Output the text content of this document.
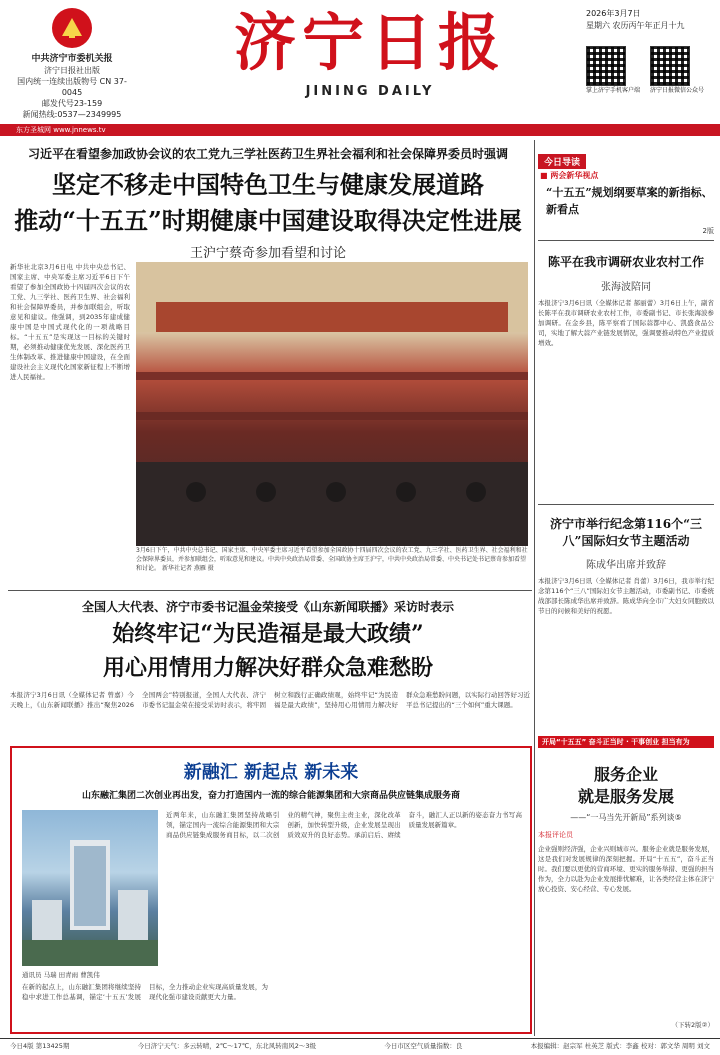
中共济宁市委机关报
济宁日报社出版
国内统一连续出版物号 CN 37-0045
邮发代号23-159
新闻热线:0537—2349995
济宁日报
JINING DAILY
2026年3月7日
星期六 农历丙午年正月十九
掌上济宁手机客户端	济宁日报微信公众号
东方圣城网 www.jnnews.tv
习近平在看望参加政协会议的农工党九三学社医药卫生界社会福利和社会保障界委员时强调
坚定不移走中国特色卫生与健康发展道路
推动“十五五”时期健康中国建设取得决定性进展
王沪宁蔡奇参加看望和讨论
新华社北京3月6日电 中共中央总书记、国家主席、中央军委主席习近平6日下午看望了参加全国政协十四届四次会议的农工党、九三学社、医药卫生界、社会福利和社会保障界委员，并参加联组会，听取意见和建议。他强调，到2035年建成健康中国是中国式现代化的一项战略目标。“十五五”是实现这一目标的关键时期，必须推动健康优先发展、深化医药卫生体制改革、推进健康中国建设，在全面建设社会主义现代化国家新征程上不断增进人民福祉。
3月6日下午，中共中央总书记、国家主席、中央军委主席习近平看望参加全国政协十四届四次会议的农工党、九三学社、医药卫生界、社会福利和社会保障界委员，并参加联组会，听取意见和建议。中共中央政治局常委、全国政协主席王沪宁，中共中央政治局常委、中央书记处书记蔡奇参加看望和讨论。 新华社记者 燕雁 摄
全国人大代表、济宁市委书记温金荣接受《山东新闻联播》采访时表示
始终牢记“为民造福是最大政绩”
用心用情用力解决好群众急难愁盼
本报济宁3月6日讯（全媒体记者 曾嘉）今天晚上，《山东新闻联播》推出“聚焦2026全国两会”特别报道，全国人大代表、济宁市委书记温金荣在接受采访时表示，将牢固树立和践行正确政绩观，始终牢记“为民造福是最大政绩”，坚持用心用情用力解决好群众急难愁盼问题，以实际行动回答好习近平总书记提出的“三个如何”重大课题。
新融汇 新起点 新未来
山东融汇集团二次创业再出发，奋力打造国内一流的综合能源集团和大宗商品供应链集成服务商
通讯员 马瑞 田青雨 曹凯伟
近两年来，山东融汇集团坚持战略引领，锚定国内一流综合能源集团和大宗商品供应链集成服务商目标，以二次创业的精气神，聚焦主责主业，深化改革创新，加快转型升级，企业发展呈现出质效双升的良好态势。承前启后、赓续奋斗，融汇人正以新的姿态奋力书写高质量发展新篇章。
在新的起点上，山东融汇集团将继续坚持稳中求进工作总基调，锚定‘十五五’发展目标，全力推动企业实现高质量发展，为现代化强市建设贡献更大力量。
今日导读
■ 两会新华视点
“十五五”规划纲要草案的新指标、新看点
2版
陈平在我市调研农业农村工作
张海波陪同
本报济宁3月6日讯（全媒体记者 郝丽蕾）3月6日上午，副省长陈平在我市调研农业农村工作，市委副书记、市长张海波参加调研。在金乡县，陈平察看了国际蒜都中心、凯盛食品公司，实地了解大蒜产业链发展情况，强调要推动特色产业提质增效。
济宁市举行纪念第116个“三八”国际妇女节主题活动
陈成华出席并致辞
本报济宁3月6日讯（全媒体记者 肖蕾）3月6日，我市举行纪念第116个“三八”国际妇女节主题活动，市委副书记、市委统战部部长陈成华出席并致辞。陈成华向全市广大妇女同胞致以节日的问候和美好的祝愿。
开局“十五五” 奋斗正当时 · 干事创业 担当有为
服务企业
就是服务发展
——“一马当先开新局”系列谈⑤
本报评论员
企业强则经济强，企业兴则城市兴。服务企业就是服务发展，这是我们对发展规律的深刻把握。开局“十五五”，奋斗正当时。我们要以更优的营商环境、更实的服务举措、更强的担当作为，全力以赴为企业发展排忧解难，让各类经营主体在济宁放心投资、安心经营、专心发展。
（下转2版②）
今日4版 第13425期	今日济宁天气：多云转晴，2℃～17℃，东北风转南风2～3级	今日市区空气质量指数：良	本报编辑：赵宗军 杜英芝 版式：李鑫 校对：郭文华 周明 刘文
